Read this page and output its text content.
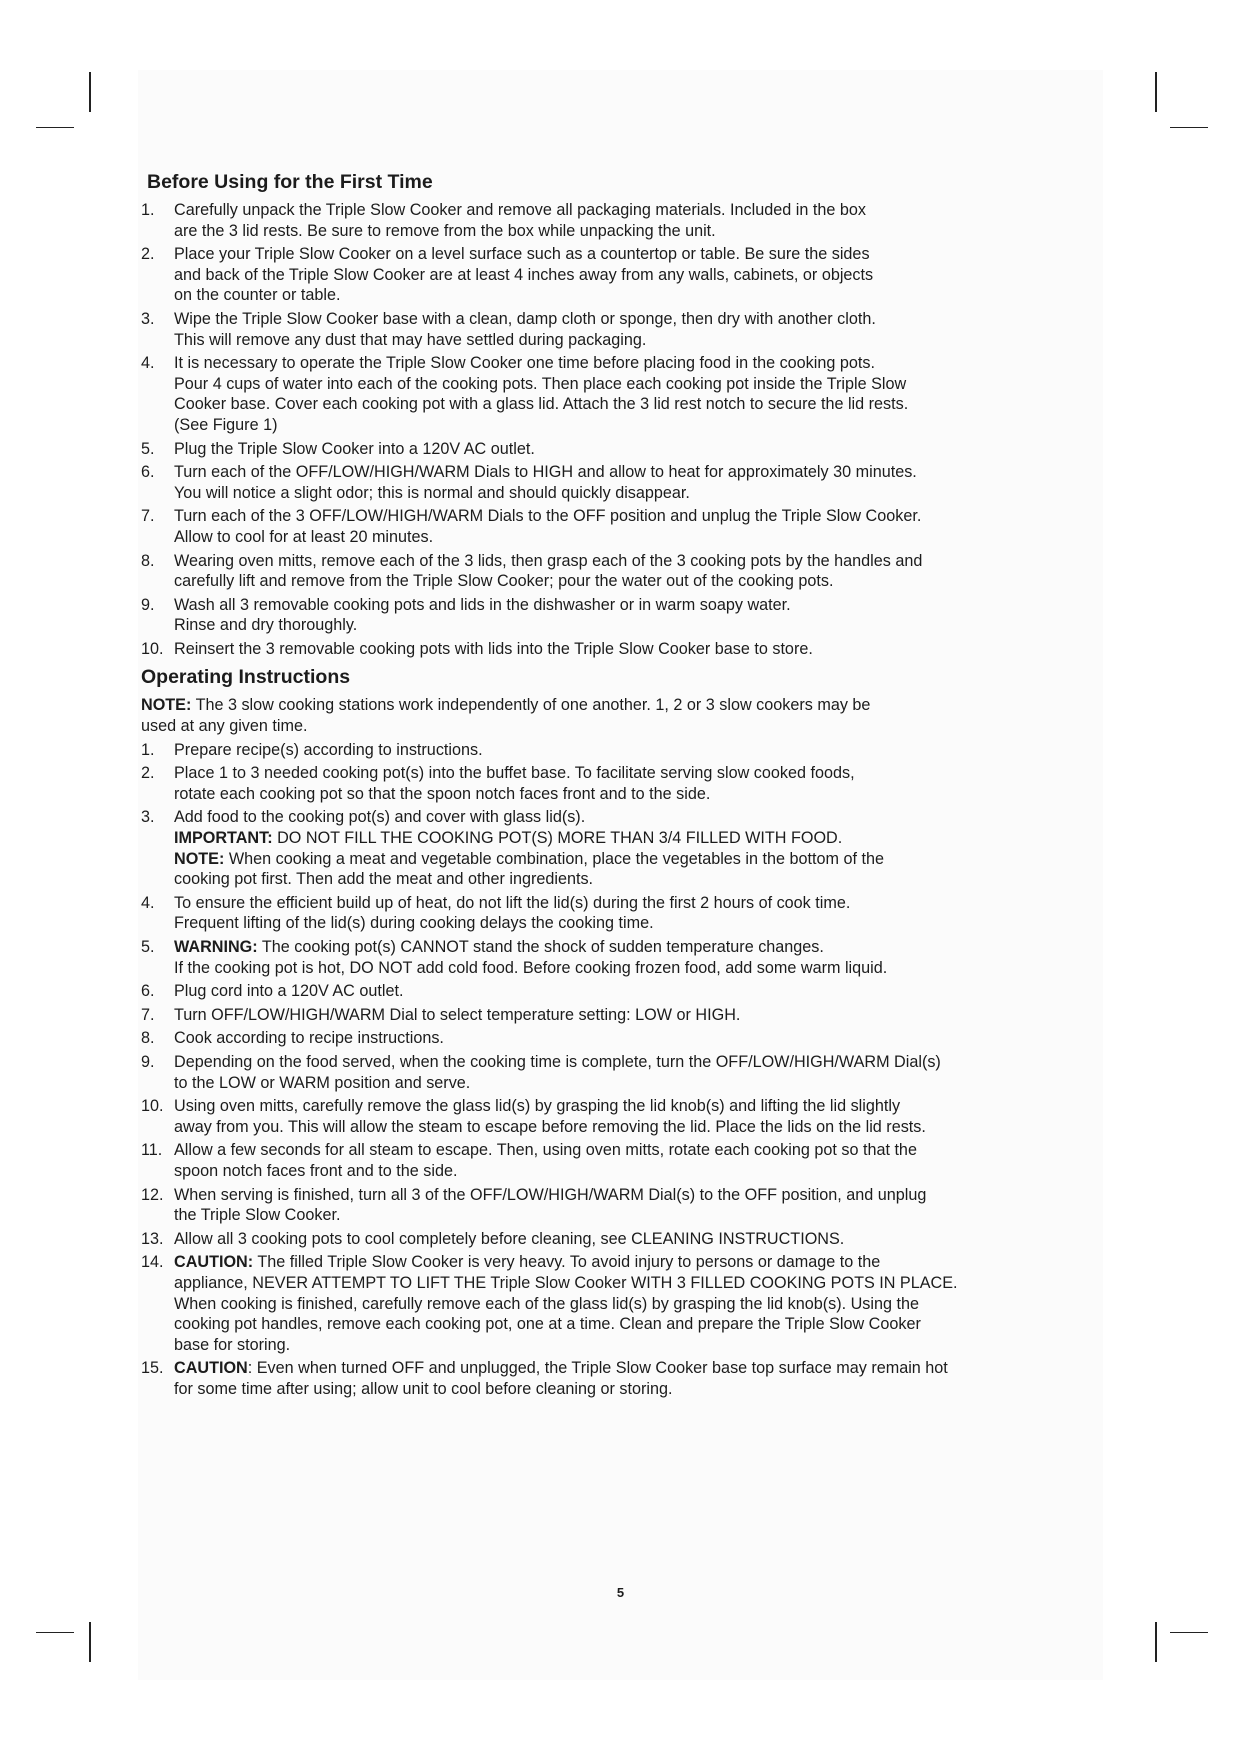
Before Using for the First Time
1. Carefully unpack the Triple Slow Cooker and remove all packaging materials. Included in the box
are the 3 lid rests. Be sure to remove from the box while unpacking the unit.
2. Place your Triple Slow Cooker on a level surface such as a countertop or table. Be sure the sides
and back of the Triple Slow Cooker are at least 4 inches away from any walls, cabinets, or objects
on the counter or table.
3. Wipe the Triple Slow Cooker base with a clean, damp cloth or sponge, then dry with another cloth.
This will remove any dust that may have settled during packaging.
4. It is necessary to operate the Triple Slow Cooker one time before placing food in the cooking pots.
Pour 4 cups of water into each of the cooking pots. Then place each cooking pot inside the Triple Slow
Cooker base. Cover each cooking pot with a glass lid. Attach the 3 lid rest notch to secure the lid rests.
(See Figure 1)
5. Plug the Triple Slow Cooker into a 120V AC outlet.
6. Turn each of the OFF/LOW/HIGH/WARM Dials to HIGH and allow to heat for approximately 30 minutes.
You will notice a slight odor; this is normal and should quickly disappear.
7. Turn each of the 3 OFF/LOW/HIGH/WARM Dials to the OFF position and unplug the Triple Slow Cooker.
Allow to cool for at least 20 minutes.
8. Wearing oven mitts, remove each of the 3 lids, then grasp each of the 3 cooking pots by the handles and
carefully lift and remove from the Triple Slow Cooker; pour the water out of the cooking pots.
9. Wash all 3 removable cooking pots and lids in the dishwasher or in warm soapy water.
Rinse and dry thoroughly.
10. Reinsert the 3 removable cooking pots with lids into the Triple Slow Cooker base to store.
Operating Instructions
NOTE: The 3 slow cooking stations work independently of one another. 1, 2 or 3 slow cookers may be
used at any given time.
1. Prepare recipe(s) according to instructions.
2. Place 1 to 3 needed cooking pot(s) into the buffet base. To facilitate serving slow cooked foods,
rotate each cooking pot so that the spoon notch faces front and to the side.
3. Add food to the cooking pot(s) and cover with glass lid(s).
IMPORTANT: DO NOT FILL THE COOKING POT(S) MORE THAN 3/4 FILLED WITH FOOD.
NOTE: When cooking a meat and vegetable combination, place the vegetables in the bottom of the
cooking pot first. Then add the meat and other ingredients.
4. To ensure the efficient build up of heat, do not lift the lid(s) during the first 2 hours of cook time.
Frequent lifting of the lid(s) during cooking delays the cooking time.
5. WARNING: The cooking pot(s) CANNOT stand the shock of sudden temperature changes.
If the cooking pot is hot, DO NOT add cold food. Before cooking frozen food, add some warm liquid.
6. Plug cord into a 120V AC outlet.
7. Turn OFF/LOW/HIGH/WARM Dial to select temperature setting: LOW or HIGH.
8. Cook according to recipe instructions.
9. Depending on the food served, when the cooking time is complete, turn the OFF/LOW/HIGH/WARM Dial(s)
to the LOW or WARM position and serve.
10. Using oven mitts, carefully remove the glass lid(s) by grasping the lid knob(s) and lifting the lid slightly
away from you. This will allow the steam to escape before removing the lid. Place the lids on the lid rests.
11. Allow a few seconds for all steam to escape. Then, using oven mitts, rotate each cooking pot so that the
spoon notch faces front and to the side.
12. When serving is finished, turn all 3 of the OFF/LOW/HIGH/WARM Dial(s) to the OFF position, and unplug
the Triple Slow Cooker.
13. Allow all 3 cooking pots to cool completely before cleaning, see CLEANING INSTRUCTIONS.
14. CAUTION: The filled Triple Slow Cooker is very heavy. To avoid injury to persons or damage to the
appliance, NEVER ATTEMPT TO LIFT THE Triple Slow Cooker WITH 3 FILLED COOKING POTS IN PLACE.
When cooking is finished, carefully remove each of the glass lid(s) by grasping the lid knob(s). Using the
cooking pot handles, remove each cooking pot, one at a time. Clean and prepare the Triple Slow Cooker
base for storing.
15. CAUTION: Even when turned OFF and unplugged, the Triple Slow Cooker base top surface may remain hot
for some time after using; allow unit to cool before cleaning or storing.
5
